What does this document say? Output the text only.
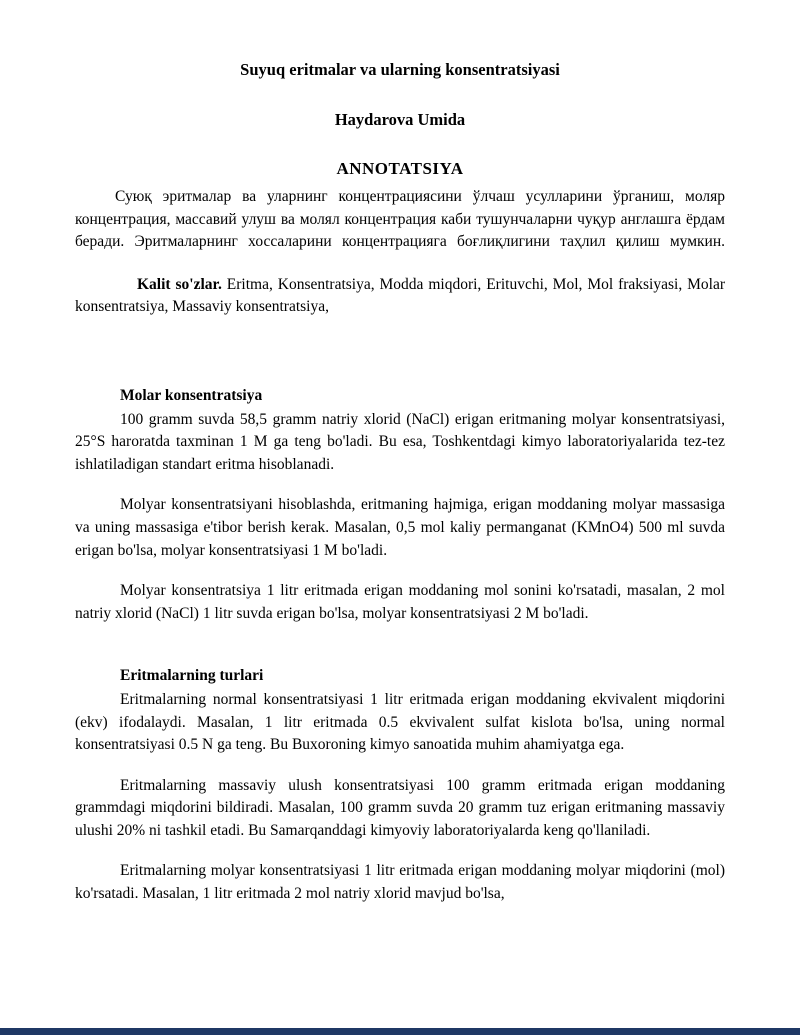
Suyuq eritmalar va ularning konsentratsiyasi

Haydarova Umida

ANNOTATSIYA

Суюқ эритмалар ва уларнинг концентрациясини ўлчаш усулларини ўрганиш, моляр концентрация, массавий улуш ва молял концентрация каби тушунчаларни чуқур англашга ёрдам беради. Эритмаларнинг хоссаларини концентрацияга боғлиқлигини таҳлил қилиш мумкин.

Kalit so'zlar. Eritma, Konsentratsiya, Modda miqdori, Erituvchi, Mol, Mol fraksiyasi, Molar konsentratsiya, Massaviy konsentratsiya,

Molar konsentratsiya

100 gramm suvda 58,5 gramm natriy xlorid (NaCl) erigan eritmaning molyar konsentratsiyasi, 25°S haroratda taxminan 1 M ga teng bo'ladi. Bu esa, Toshkentdagi kimyo laboratoriyalarida tez-tez ishlatiladigan standart eritma hisoblanadi.

Molyar konsentratsiyani hisoblashda, eritmaning hajmiga, erigan moddaning molyar massasiga va uning massasiga e'tibor berish kerak. Masalan, 0,5 mol kaliy permanganat (KMnO4) 500 ml suvda erigan bo'lsa, molyar konsentratsiyasi 1 M bo'ladi.

Molyar konsentratsiya 1 litr eritmada erigan moddaning mol sonini ko'rsatadi, masalan, 2 mol natriy xlorid (NaCl) 1 litr suvda erigan bo'lsa, molyar konsentratsiyasi 2 M bo'ladi.

Eritmalarning turlari

Eritmalarning normal konsentratsiyasi 1 litr eritmada erigan moddaning ekvivalent miqdorini (ekv) ifodalaydi. Masalan, 1 litr eritmada 0.5 ekvivalent sulfat kislota bo'lsa, uning normal konsentratsiyasi 0.5 N ga teng. Bu Buxoroning kimyo sanoatida muhim ahamiyatga ega.

Eritmalarning massaviy ulush konsentratsiyasi 100 gramm eritmada erigan moddaning grammdagi miqdorini bildiradi. Masalan, 100 gramm suvda 20 gramm tuz erigan eritmaning massaviy ulushi 20% ni tashkil etadi. Bu Samarqanddagi kimyoviy laboratoriyalarda keng qo'llaniladi.

Eritmalarning molyar konsentratsiyasi 1 litr eritmada erigan moddaning molyar miqdorini (mol) ko'rsatadi. Masalan, 1 litr eritmada 2 mol natriy xlorid mavjud bo'lsa,
